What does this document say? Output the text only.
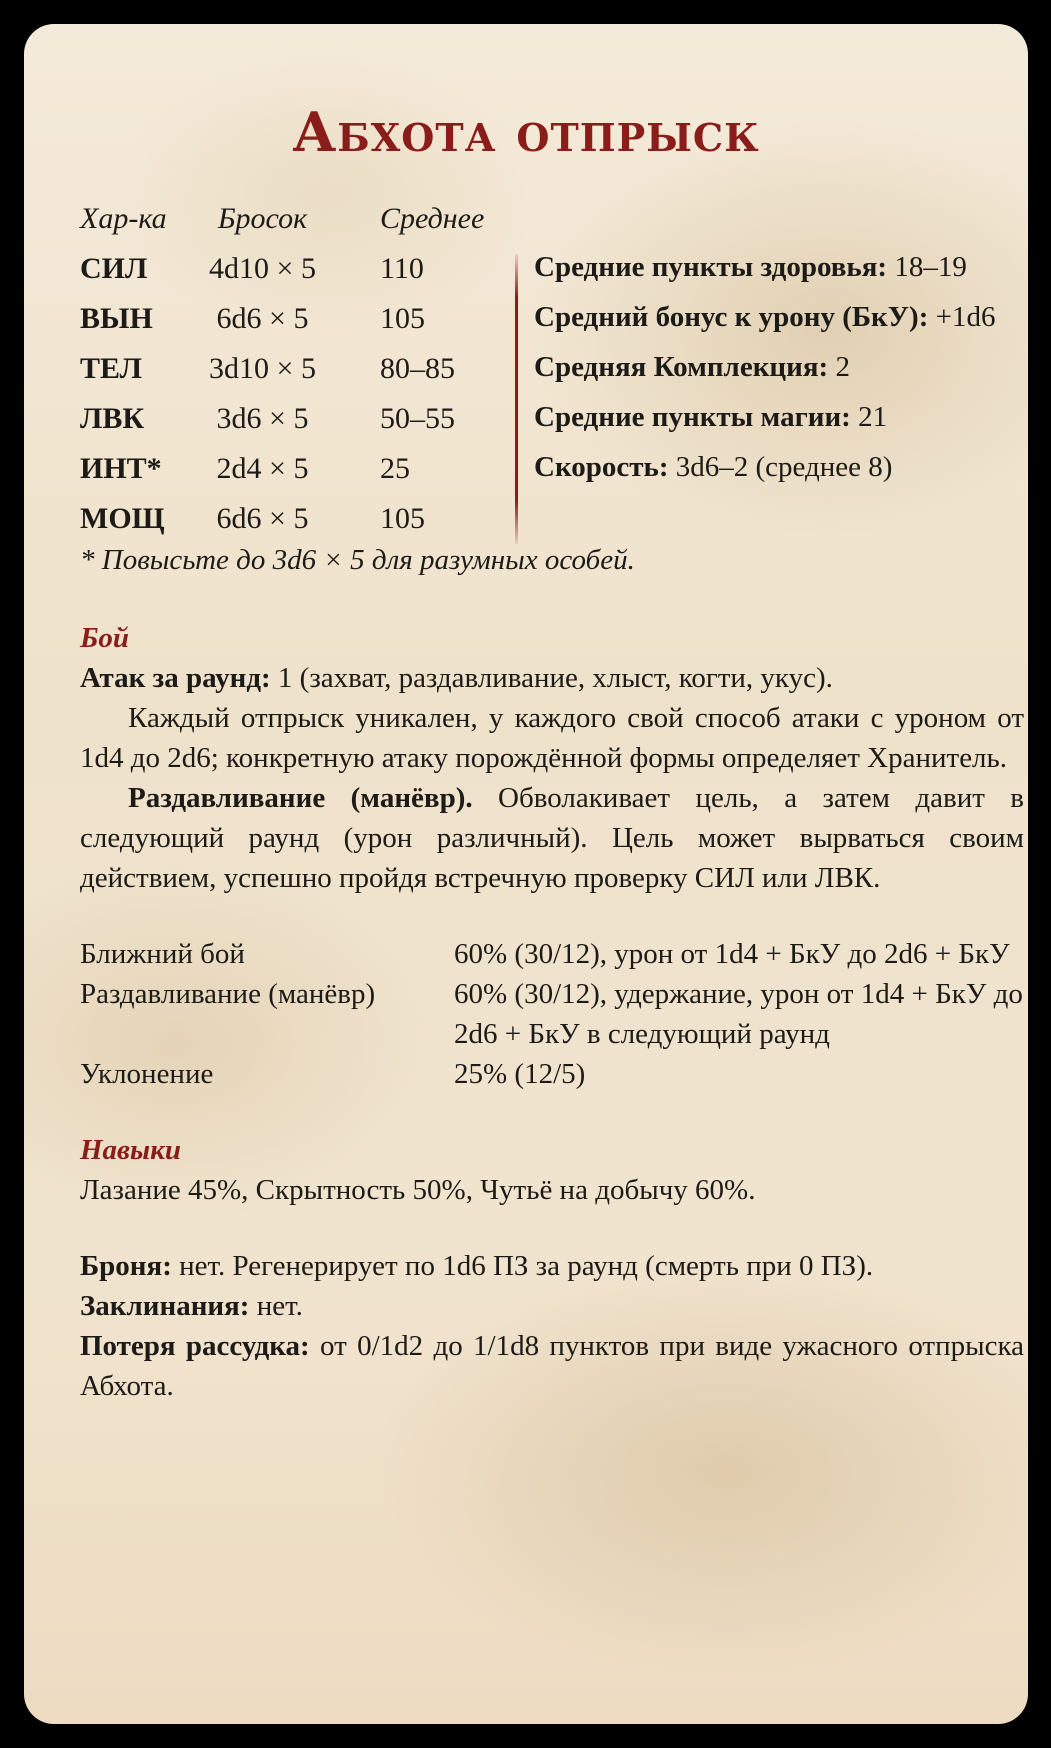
Абхота отпрыск
Хар-ка	Бросок	Среднее
СИЛ	4d10 × 5	110
ВЫН	6d6 × 5	105
ТЕЛ	3d10 × 5	80–85
ЛВК	3d6 × 5	50–55
ИНТ*	2d4 × 5	25
МОЩ	6d6 × 5	105
Средние пункты здоровья: 18–19
Средний бонус к урону (БкУ): +1d6
Средняя Комплекция: 2
Средние пункты магии: 21
Скорость: 3d6–2 (среднее 8)
* Повысьте до 3d6 × 5 для разумных особей.
Бой

Атак за раунд: 1 (захват, раздавливание, хлыст, когти, укус).

Каждый отпрыск уникален, у каждого свой способ атаки с уроном от 1d4 до 2d6; конкретную атаку порождённой формы определяет Хранитель.

Раздавливание (манёвр). Обволакивает цель, а затем давит в следующий раунд (урон различный). Цель может вырваться своим действием, успешно пройдя встречную проверку СИЛ или ЛВК.

Ближний бой	60% (30/12), урон от 1d4 + БкУ до 2d6 + БкУ
Раздавливание (манёвр)	60% (30/12), удержание, урон от 1d4 + БкУ до 2d6 + БкУ в следующий раунд
Уклонение	25% (12/5)
Навыки

Лазание 45%, Скрытность 50%, Чутьё на добычу 60%.

Броня: нет. Регенерирует по 1d6 ПЗ за раунд (смерть при 0 ПЗ).

Заклинания: нет.

Потеря рассудка: от 0/1d2 до 1/1d8 пунктов при виде ужасного отпрыска Абхота.
